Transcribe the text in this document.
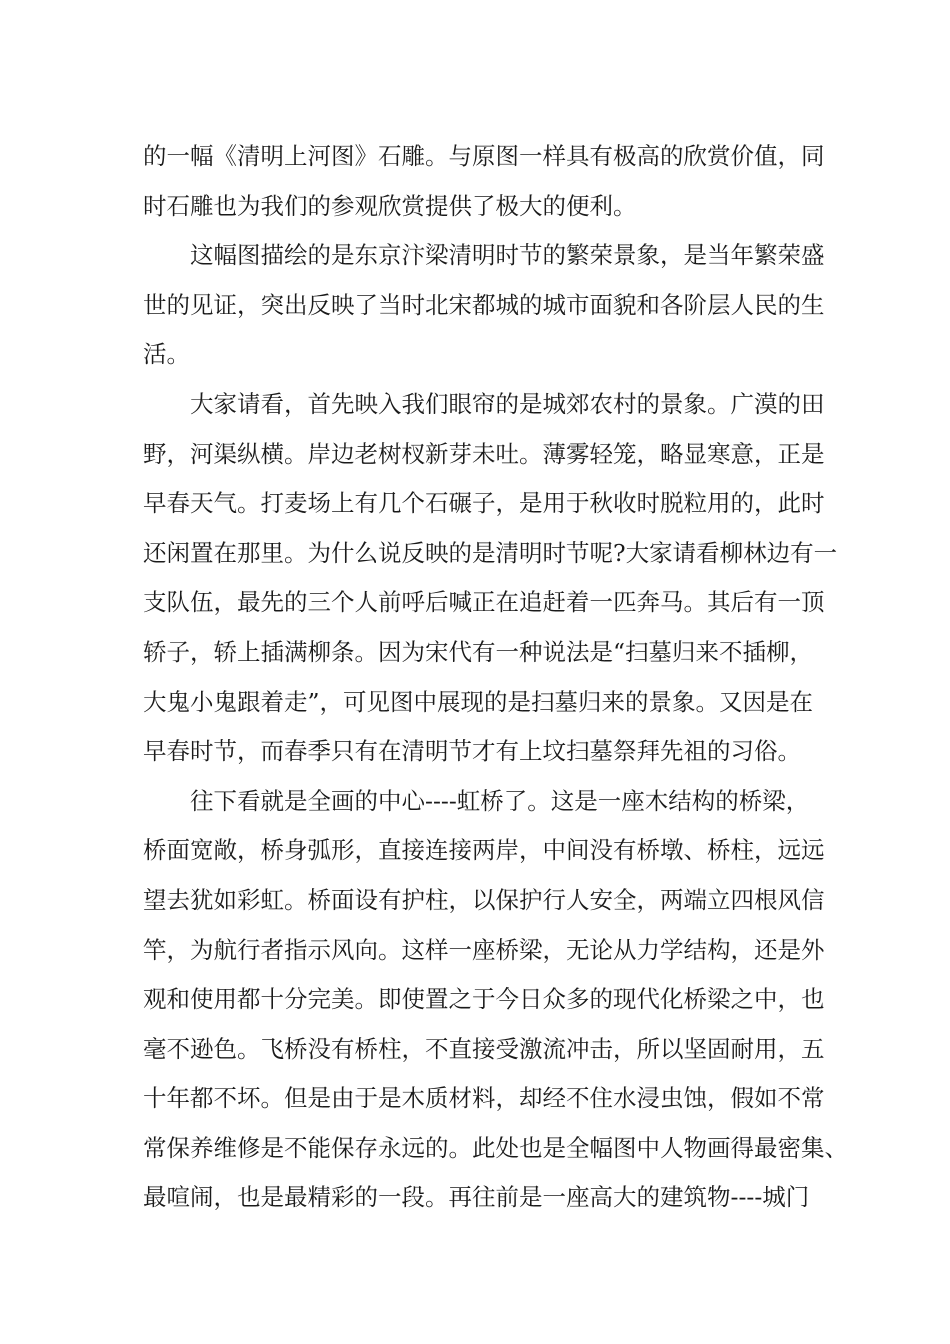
的一幅《清明上河图》石雕。与原图一样具有极高的欣赏价值，同
时石雕也为我们的参观欣赏提供了极大的便利。
这幅图描绘的是东京汴梁清明时节的繁荣景象，是当年繁荣盛
世的见证，突出反映了当时北宋都城的城市面貌和各阶层人民的生
活。
大家请看，首先映入我们眼帘的是城郊农村的景象。广漠的田
野，河渠纵横。岸边老树杈新芽未吐。薄雾轻笼，略显寒意，正是
早春天气。打麦场上有几个石碾子，是用于秋收时脱粒用的，此时
还闲置在那里。为什么说反映的是清明时节呢?大家请看柳林边有一
支队伍，最先的三个人前呼后喊正在追赶着一匹奔马。其后有一顶
轿子，轿上插满柳条。因为宋代有一种说法是“扫墓归来不插柳，
大鬼小鬼跟着走”，可见图中展现的是扫墓归来的景象。又因是在
早春时节，而春季只有在清明节才有上坟扫墓祭拜先祖的习俗。
往下看就是全画的中心----虹桥了。这是一座木结构的桥梁，
桥面宽敞，桥身弧形，直接连接两岸，中间没有桥墩、桥柱，远远
望去犹如彩虹。桥面设有护柱，以保护行人安全，两端立四根风信
竿，为航行者指示风向。这样一座桥梁，无论从力学结构，还是外
观和使用都十分完美。即使置之于今日众多的现代化桥梁之中，也
毫不逊色。飞桥没有桥柱，不直接受激流冲击，所以坚固耐用，五
十年都不坏。但是由于是木质材料，却经不住水浸虫蚀，假如不常
常保养维修是不能保存永远的。此处也是全幅图中人物画得最密集、
最喧闹，也是最精彩的一段。再往前是一座高大的建筑物----城门
